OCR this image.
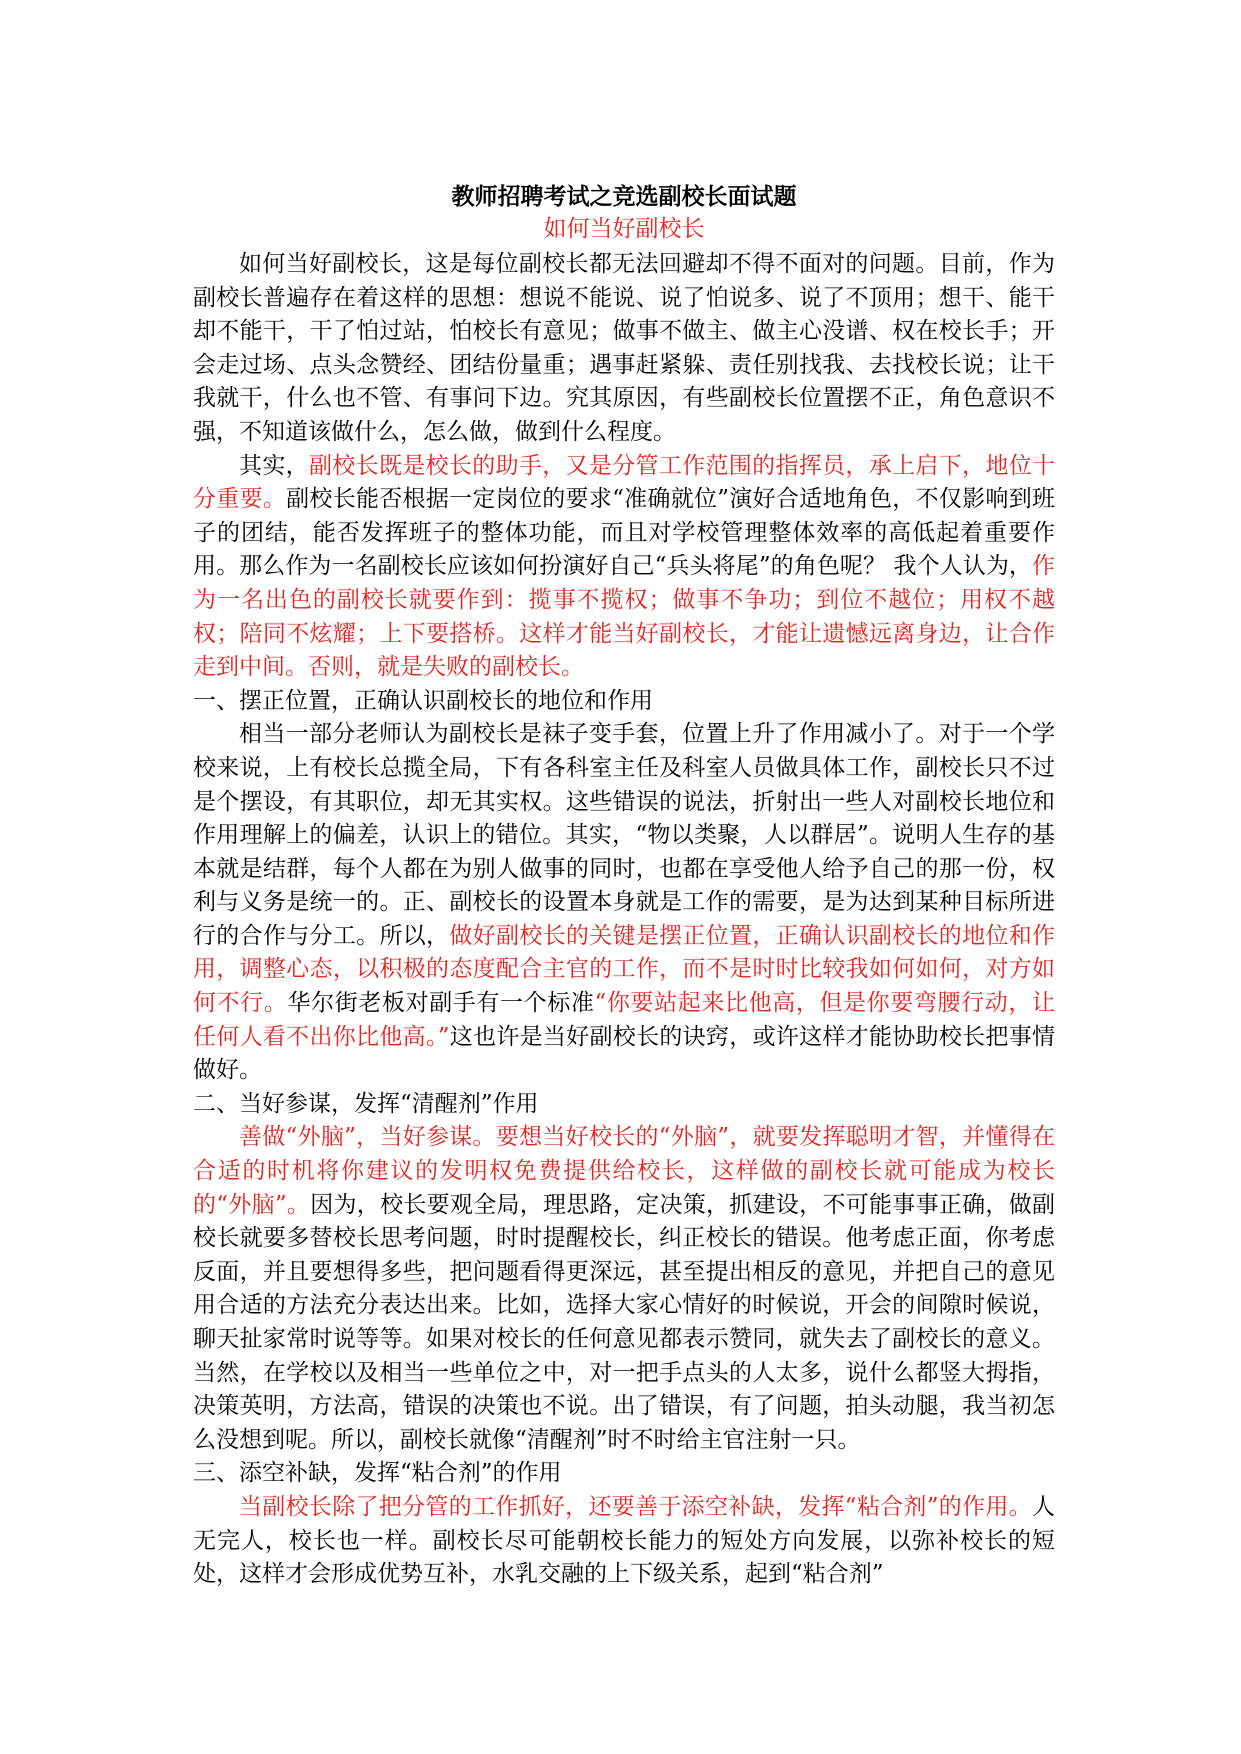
教师招聘考试之竞选副校长面试题

如何当好副校长

如何当好副校长，这是每位副校长都无法回避却不得不面对的问题。目前，作为副校长普遍存在着这样的思想：想说不能说、说了怕说多、说了不顶用；想干、能干却不能干，干了怕过站，怕校长有意见；做事不做主、做主心没谱、权在校长手；开会走过场、点头念赞经、团结份量重；遇事赶紧躲、责任别找我、去找校长说；让干我就干，什么也不管、有事问下边。究其原因，有些副校长位置摆不正，角色意识不强，不知道该做什么，怎么做，做到什么程度。

其实，副校长既是校长的助手，又是分管工作范围的指挥员，承上启下，地位十分重要。副校长能否根据一定岗位的要求“准确就位”演好合适地角色，不仅影响到班子的团结，能否发挥班子的整体功能，而且对学校管理整体效率的高低起着重要作用。那么作为一名副校长应该如何扮演好自己“兵头将尾”的角色呢？ 我个人认为，作为一名出色的副校长就要作到：揽事不揽权；做事不争功；到位不越位；用权不越权；陪同不炫耀；上下要搭桥。这样才能当好副校长，才能让遗憾远离身边，让合作走到中间。否则，就是失败的副校长。

一、摆正位置，正确认识副校长的地位和作用

相当一部分老师认为副校长是袜子变手套，位置上升了作用减小了。对于一个学校来说，上有校长总揽全局，下有各科室主任及科室人员做具体工作，副校长只不过是个摆设，有其职位，却无其实权。这些错误的说法，折射出一些人对副校长地位和作用理解上的偏差，认识上的错位。其实，“物以类聚，人以群居”。说明人生存的基本就是结群，每个人都在为别人做事的同时，也都在享受他人给予自己的那一份，权利与义务是统一的。正、副校长的设置本身就是工作的需要，是为达到某种目标所进行的合作与分工。所以，做好副校长的关键是摆正位置，正确认识副校长的地位和作用，调整心态，以积极的态度配合主官的工作，而不是时时比较我如何如何，对方如何不行。华尔街老板对副手有一个标准“你要站起来比他高，但是你要弯腰行动，让任何人看不出你比他高。”这也许是当好副校长的诀窍，或许这样才能协助校长把事情做好。

二、当好参谋，发挥“清醒剂”作用

善做“外脑”，当好参谋。要想当好校长的“外脑”，就要发挥聪明才智，并懂得在合适的时机将你建议的发明权免费提供给校长，这样做的副校长就可能成为校长的“外脑”。因为，校长要观全局，理思路，定决策，抓建设，不可能事事正确，做副校长就要多替校长思考问题，时时提醒校长，纠正校长的错误。他考虑正面，你考虑反面，并且要想得多些，把问题看得更深远，甚至提出相反的意见，并把自己的意见用合适的方法充分表达出来。比如，选择大家心情好的时候说，开会的间隙时候说，聊天扯家常时说等等。如果对校长的任何意见都表示赞同，就失去了副校长的意义。当然，在学校以及相当一些单位之中，对一把手点头的人太多，说什么都竖大拇指，决策英明，方法高，错误的决策也不说。出了错误，有了问题，拍头动腿，我当初怎么没想到呢。所以，副校长就像“清醒剂”时不时给主官注射一只。

三、添空补缺，发挥“粘合剂”的作用

当副校长除了把分管的工作抓好，还要善于添空补缺，发挥“粘合剂”的作用。人无完人，校长也一样。副校长尽可能朝校长能力的短处方向发展，以弥补校长的短处，这样才会形成优势互补，水乳交融的上下级关系，起到“粘合剂”
